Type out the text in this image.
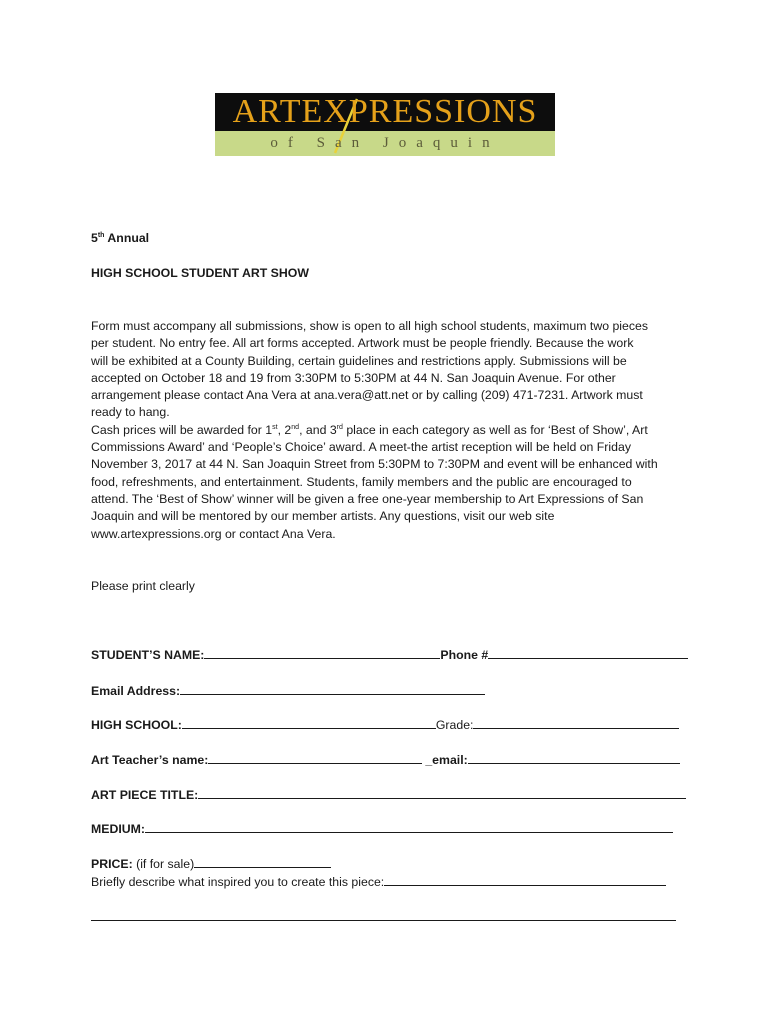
ARTEXPRESSIONS
of San Joaquin
5th Annual
HIGH SCHOOL STUDENT ART SHOW
Form must accompany all submissions, show is open to all high school students, maximum two pieces
per student. No entry fee. All art forms accepted. Artwork must be people friendly. Because the work
will be exhibited at a County Building, certain guidelines and restrictions apply. Submissions will be
accepted on October 18 and 19 from 3:30PM to 5:30PM at 44 N. San Joaquin Avenue. For other
arrangement please contact Ana Vera at ana.vera@att.net or by calling (209) 471-7231. Artwork must
ready to hang.
Cash prices will be awarded for 1st, 2nd, and 3rd place in each category as well as for ‘Best of Show’, Art
Commissions Award’ and ‘People’s Choice’ award. A meet-the artist reception will be held on Friday
November 3, 2017 at 44 N. San Joaquin Street from 5:30PM to 7:30PM and event will be enhanced with
food, refreshments, and entertainment. Students, family members and the public are encouraged to
attend. The ‘Best of Show’ winner will be given a free one-year membership to Art Expressions of San
Joaquin and will be mentored by our member artists. Any questions, visit our web site
www.artexpressions.org or contact Ana Vera.
Please print clearly
STUDENT’S NAME:	Phone #
Email Address:
HIGH SCHOOL:	Grade:
Art Teacher’s name:	_email:
ART PIECE TITLE:
MEDIUM:
PRICE: (if for sale)
Briefly describe what inspired you to create this piece:
